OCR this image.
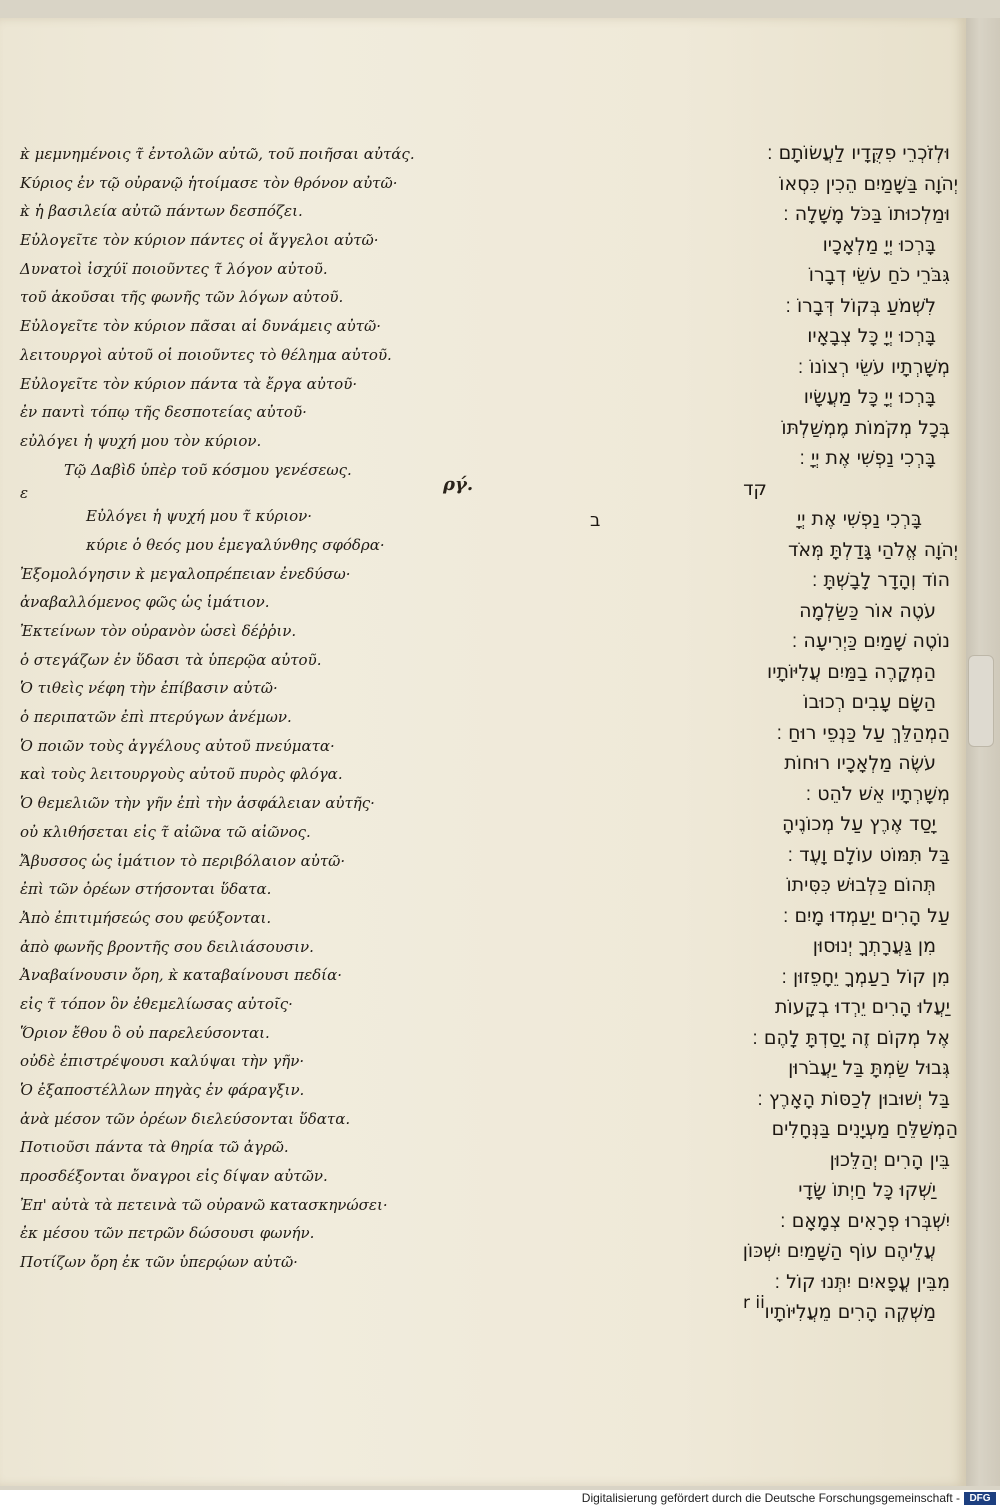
κ̀ μεμνημένοις τ̃ ἐντολῶν αὐτῶ, τοῦ ποιῆσαι αὐτάς.
Κύριος ἐν τῷ οὐρανῷ ἡτοίμασε τὸν θρόνον αὐτῶ·
κ̀ ἡ βασιλεία αὐτῶ πάντων δεσπόζει.
Εὐλογεῖτε τὸν κύριον πάντες οἱ ἄγγελοι αὐτῶ·
Δυνατοὶ ἰσχύϊ ποιοῦντες τ̃ λόγον αὐτοῦ.
τοῦ ἀκοῦσαι τῆς φωνῆς τῶν λόγων αὐτοῦ.
Εὐλογεῖτε τὸν κύριον πᾶσαι αἱ δυνάμεις αὐτῶ·
λειτουργοὶ αὐτοῦ οἱ ποιοῦντες τὸ θέλημα αὐτοῦ.
Εὐλογεῖτε τὸν κύριον πάντα τὰ ἔργα αὐτοῦ·
ἐν παντὶ τόπῳ τῆς δεσποτείας αὐτοῦ·
εὐλόγει ἡ ψυχή μου τὸν κύριον.
Τῷ Δαβὶδ ὑπὲρ τοῦ κόσμου γενέσεως.
ε
Εὐλόγει ἡ ψυχή μου τ̃ κύριον·
κύριε ὁ θεός μου ἐμεγαλύνθης σφόδρα·
Ἐξομολόγησιν κ̀ μεγαλοπρέπειαν ἐνεδύσω·
ἀναβαλλόμενος φῶς ὡς ἱμάτιον.
Ἐκτείνων τὸν οὐρανὸν ὡσεὶ δέῤῥιν.
ὁ στεγάζων ἐν ὕδασι τὰ ὑπερῷα αὐτοῦ.
Ὁ τιθεὶς νέφη τὴν ἐπίβασιν αὐτῶ·
ὁ περιπατῶν ἐπὶ πτερύγων ἀνέμων.
Ὁ ποιῶν τοὺς ἀγγέλους αὐτοῦ πνεύματα·
καὶ τοὺς λειτουργοὺς αὐτοῦ πυρὸς φλόγα.
Ὁ θεμελιῶν τὴν γῆν ἐπὶ τὴν ἀσφάλειαν αὐτῆς·
οὐ κλιθήσεται εἰς τ̃ αἰῶνα τῶ αἰῶνος.
Ἄβυσσος ὡς ἱμάτιον τὸ περιβόλαιον αὐτῶ·
ἐπὶ τῶν ὀρέων στήσονται ὕδατα.
Ἀπὸ ἐπιτιμήσεώς σου φεύξονται.
ἀπὸ φωνῆς βροντῆς σου δειλιάσουσιν.
Ἀναβαίνουσιν ὄρη, κ̀ καταβαίνουσι πεδία·
εἰς τ̃ τόπον ὃν ἐθεμελίωσας αὐτοῖς·
Ὅριον ἔθου ὃ οὐ παρελεύσονται.
οὐδὲ ἐπιστρέψουσι καλύψαι τὴν γῆν·
Ὁ ἐξαποστέλλων πηγὰς ἐν φάραγξιν.
ἀνὰ μέσον τῶν ὀρέων διελεύσονται ὕδατα.
Ποτιοῦσι πάντα τὰ θηρία τῶ ἀγρῶ.
προσδέξονται ὄναγροι εἰς δίψαν αὐτῶν.
Ἐπ' αὐτὰ τὰ πετεινὰ τῶ οὐρανῶ κατασκηνώσει·
ἐκ μέσου τῶν πετρῶν δώσουσι φωνήν.
Ποτίζων ὄρη ἐκ τῶν ὑπερῴων αὐτῶ·
ργ́.
וּלְזֹכְרֵי פִקֻּדָיו לַעֲשׂוֹתָם ׃
יְהֹוָה בַּשָּׁמַיִם הֵכִין כִּסְאוֹ
וּמַלְכוּתוֹ בַּכֹּל מָשָׁלָה ׃
בָּרְכוּ יְיָ מַלְאָכָיו
גִּבֹּרֵי כֹחַ עֹשֵׂי דְבָרוֹ
לִשְׁמֹעַ בְּקוֹל דְּבָרוֹ ׃
בָּרְכוּ יְיָ כָּל צְבָאָיו
מְשָׁרְתָיו עֹשֵׂי רְצוֹנוֹ ׃
בָּרְכוּ יְיָ כָּל מַעֲשָׂיו
בְּכָל מְקֹמוֹת מֶמְשַׁלְתּוֹ
בָּרְכִי נַפְשִׁי אֶת יְיָ ׃
קד
בָּרְכִי נַפְשִׁי אֶת יְיָ
יְהֹוָה אֱלֹהַי גָּדַלְתָּ מְּאֹד
הוֹד וְהָדָר לָבָשְׁתָּ ׃
עֹטֶה אוֹר כַּשַּׂלְמָה
נוֹטֶה שָׁמַיִם כַּיְרִיעָה ׃
הַמְקָרֶה בַמַּיִם עֲלִיּוֹתָיו
הַשָּׂם עָבִים רְכוּבוֹ
הַמְהַלֵּךְ עַל כַּנְפֵי רוּחַ ׃
עֹשֶׂה מַלְאָכָיו רוּחוֹת
מְשָׁרְתָיו אֵשׁ לֹהֵט ׃
יָסַד אֶרֶץ עַל מְכוֹנֶיהָ
בַּל תִּמּוֹט עוֹלָם וָעֶד ׃
תְּהוֹם כַּלְּבוּשׁ כִּסִּיתוֹ
עַל הָרִים יַעַמְדוּ מָיִם ׃
מִן גַּעֲרָתְךָ יְנוּסוּן
מִן קוֹל רַעַמְךָ יֵחָפֵזוּן ׃
יַעֲלוּ הָרִים יֵרְדוּ בְקָעוֹת
אֶל מְקוֹם זֶה יָסַדְתָּ לָהֶם ׃
גְּבוּל שַׂמְתָּ בַּל יַעֲבֹרוּן
בַּל יְשׁוּבוּן לְכַסּוֹת הָאָרֶץ ׃
הַמְשַׁלֵּחַ מַעְיָנִים בַּנְּחָלִים
בֵּין הָרִים יְהַלֵּכוּן
יַשְׁקוּ כָּל חַיְתוֹ שָׂדָי
יִשְׁבְּרוּ פְרָאִים צְמָאָם ׃
עֲלֵיהֶם עוֹף הַשָּׁמַיִם יִשְׁכּוֹן
מִבֵּין עֳפָאיִם יִתְּנוּ קוֹל ׃
מַשְׁקֶה הָרִים מֵעֲלִיּוֹתָיו
ב
r ii
Digitalisierung gefördert durch die Deutsche Forschungsgemeinschaft - DFG
